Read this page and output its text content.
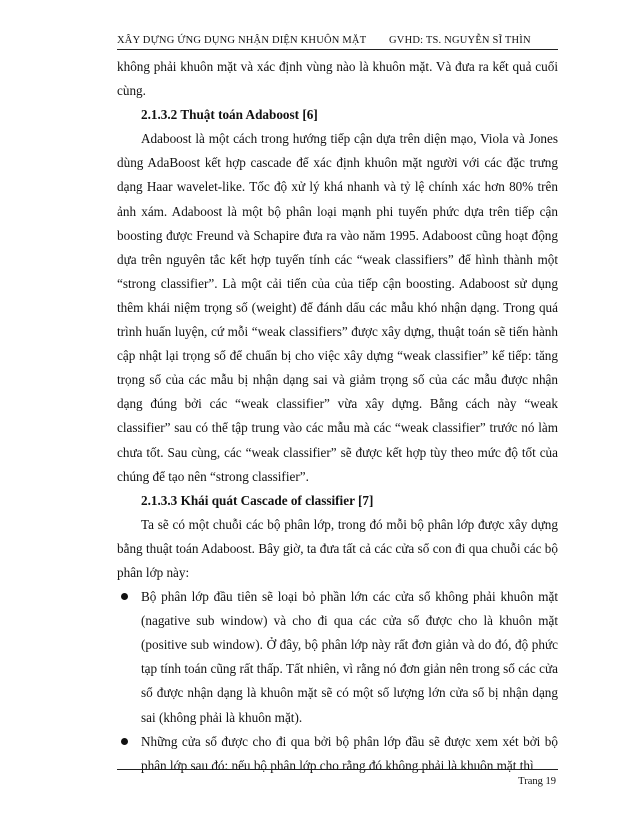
XÂY DỰNG ỨNG DỤNG NHẬN DIỆN KHUÔN MẶT GVHD: TS. NGUYỄN SĨ THÌN

không phải khuôn mặt và xác định vùng nào là khuôn mặt. Và đưa ra kết quả cuối cùng.

2.1.3.2 Thuật toán Adaboost [6]

Adaboost là một cách trong hướng tiếp cận dựa trên diện mạo, Viola và Jones dùng AdaBoost kết hợp cascade để xác định khuôn mặt người với các đặc trưng dạng Haar wavelet-like. Tốc độ xử lý khá nhanh và tỷ lệ chính xác hơn 80% trên ảnh xám. Adaboost là một bộ phân loại mạnh phi tuyến phức dựa trên tiếp cận boosting được Freund và Schapire đưa ra vào năm 1995. Adaboost cũng hoạt động dựa trên nguyên tắc kết hợp tuyến tính các “weak classifiers” để hình thành một “strong classifier”. Là một cải tiến của của tiếp cận boosting. Adaboost sử dụng thêm khái niệm trọng số (weight) để đánh dấu các mẫu khó nhận dạng. Trong quá trình huấn luyện, cứ mỗi “weak classifiers” được xây dựng, thuật toán sẽ tiến hành cập nhật lại trọng số để chuẩn bị cho việc xây dựng “weak classifier” kế tiếp: tăng trọng số của các mẫu bị nhận dạng sai và giảm trọng số của các mẫu được nhận dạng đúng bởi các “weak classifier” vừa xây dựng. Bằng cách này “weak classifier” sau có thể tập trung vào các mẫu mà các “weak classifier” trước nó làm chưa tốt. Sau cùng, các “weak classifier” sẽ được kết hợp tùy theo mức độ tốt của chúng để tạo nên “strong classifier”.

2.1.3.3 Khái quát Cascade of classifier [7]

Ta sẽ có một chuỗi các bộ phân lớp, trong đó mỗi bộ phân lớp được xây dựng bằng thuật toán Adaboost. Bây giờ, ta đưa tất cả các cửa sổ con đi qua chuỗi các bộ phân lớp này:

Bộ phân lớp đầu tiên sẽ loại bỏ phần lớn các cửa sổ không phải khuôn mặt (nagative sub window) và cho đi qua các cửa sổ được cho là khuôn mặt (positive sub window). Ở đây, bộ phân lớp này rất đơn giản và do đó, độ phức tạp tính toán cũng rất thấp. Tất nhiên, vì rằng nó đơn giản nên trong số các cửa sổ được nhận dạng là khuôn mặt sẽ có một số lượng lớn cửa sổ bị nhận dạng sai (không phải là khuôn mặt).
Những cửa sổ được cho đi qua bởi bộ phân lớp đầu sẽ được xem xét bởi bộ phân lớp sau đó: nếu bộ phân lớp cho rằng đó không phải là khuôn mặt thì
Trang 19
